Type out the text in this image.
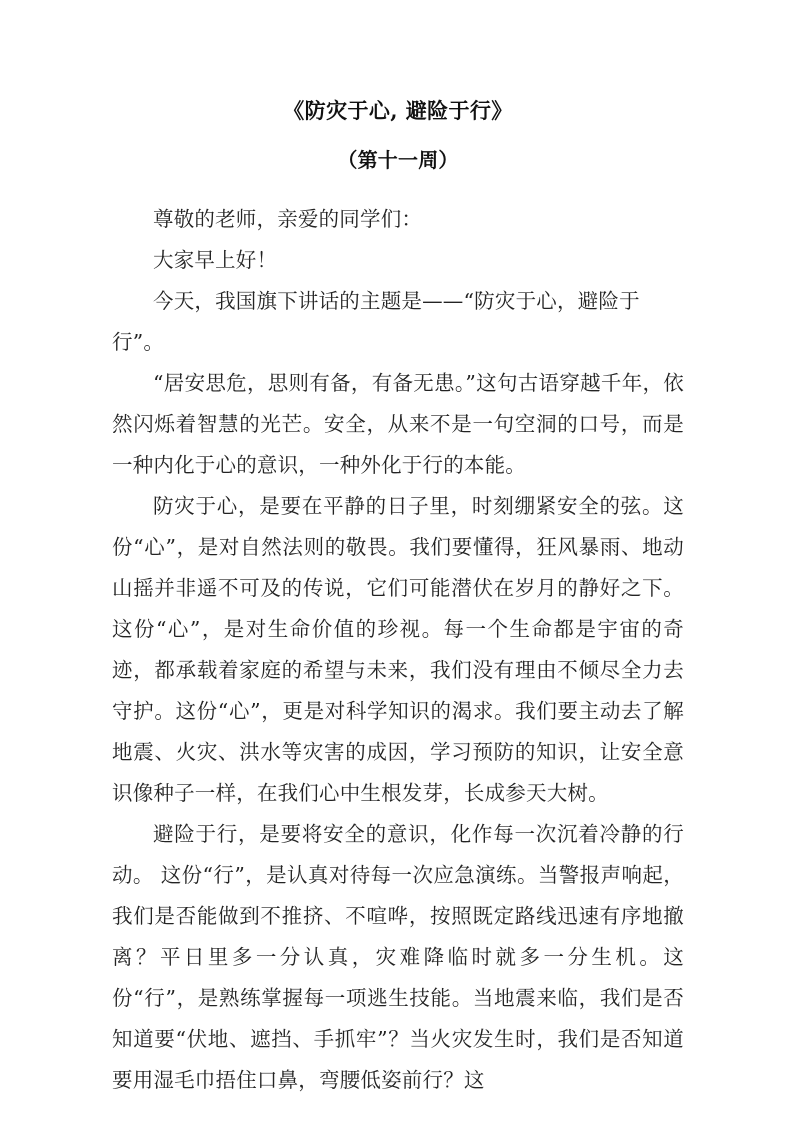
《防灾于心, 避险于行》
（第十一周）

尊敬的老师，亲爱的同学们：

大家早上好！

今天，我国旗下讲话的主题是——“防灾于心，避险于行”。

“居安思危，思则有备，有备无患。”这句古语穿越千年，依然闪烁着智慧的光芒。安全，从来不是一句空洞的口号，而是一种内化于心的意识，一种外化于行的本能。

防灾于心，是要在平静的日子里，时刻绷紧安全的弦。这份“心”，是对自然法则的敬畏。我们要懂得，狂风暴雨、地动山摇并非遥不可及的传说，它们可能潜伏在岁月的静好之下。这份“心”，是对生命价值的珍视。每一个生命都是宇宙的奇迹，都承载着家庭的希望与未来，我们没有理由不倾尽全力去守护。这份“心”，更是对科学知识的渴求。我们要主动去了解地震、火灾、洪水等灾害的成因，学习预防的知识，让安全意识像种子一样，在我们心中生根发芽，长成参天大树。

避险于行，是要将安全的意识，化作每一次沉着冷静的行动。 这份“行”，是认真对待每一次应急演练。当警报声响起，我们是否能做到不推挤、不喧哗，按照既定路线迅速有序地撤离？平日里多一分认真，灾难降临时就多一分生机。这份“行”，是熟练掌握每一项逃生技能。当地震来临，我们是否知道要“伏地、遮挡、手抓牢”？当火灾发生时，我们是否知道要用湿毛巾捂住口鼻，弯腰低姿前行？这
